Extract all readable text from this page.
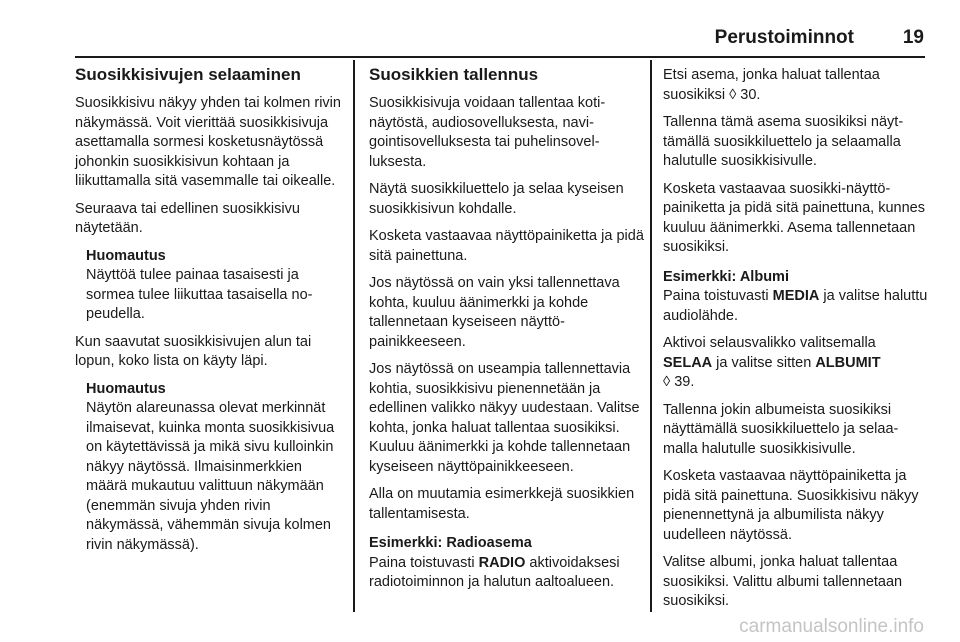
Perustoiminnot	19
Suosikkisivujen selaaminen

Suosikkisivu näkyy yhden tai kolmen rivin näkymässä. Voit vierittää suosikkisivuja asettamalla sormesi kosketusnäytössä johonkin suosikkisivun kohtaan ja liikuttamalla sitä vasemmalle tai oikealle.

Seuraava tai edellinen suosikkisivu näytetään.

Huomautus
Näyttöä tulee painaa tasaisesti ja sormea tulee liikuttaa tasaisella nopeudella.

Kun saavutat suosikkisivujen alun tai lopun, koko lista on käyty läpi.

Huomautus
Näytön alareunassa olevat merkinnät ilmaisevat, kuinka monta suosikkisivua on käytettävissä ja mikä sivu kulloinkin näkyy näytössä. Ilmaisinmerkkien määrä mukautuu valittuun näkymään (enemmän sivuja yhden rivin näkymässä, vähemmän sivuja kolmen rivin näkymässä).
Suosikkien tallennus

Suosikkisivuja voidaan tallentaa kotinäytöstä, audiosovelluksesta, navigointisovelluksesta tai puhelinsovelluksesta.

Näytä suosikkiluettelo ja selaa kyseisen suosikkisivun kohdalle.

Kosketa vastaavaa näyttöpainiketta ja pidä sitä painettuna.

Jos näytössä on vain yksi tallennettava kohta, kuuluu äänimerkki ja kohde tallennetaan kyseiseen näyttöpainikkeeseen.

Jos näytössä on useampia tallennettavia kohtia, suosikkisivu pienennetään ja edellinen valikko näkyy uudestaan. Valitse kohta, jonka haluat tallentaa suosikiksi. Kuuluu äänimerkki ja kohde tallennetaan kyseiseen näyttöpainikkeeseen.

Alla on muutamia esimerkkejä suosikkien tallentamisesta.

Esimerkki: Radioasema

Paina toistuvasti RADIO aktivoidaksesi radiotoiminnon ja halutun aaltoalueen.

Etsi asema, jonka haluat tallentaa suosikiksi ◊ 30.

Tallenna tämä asema suosikiksi näyttämällä suosikkiluettelo ja selaamalla halutulle suosikkisivulle.

Kosketa vastaavaa suosikki-näyttöpainiketta ja pidä sitä painettuna, kunnes kuuluu äänimerkki. Asema tallennetaan suosikiksi.

Esimerkki: Albumi

Paina toistuvasti MEDIA ja valitse haluttu audiolähde.

Aktivoi selausvalikko valitsemalla SELAA ja valitse sitten ALBUMIT
◊ 39.

Tallenna jokin albumeista suosikiksi näyttämällä suosikkiluettelo ja selaamalla halutulle suosikkisivulle.

Kosketa vastaavaa näyttöpainiketta ja pidä sitä painettuna. Suosikkisivu näkyy pienennettynä ja albumilista näkyy uudelleen näytössä.

Valitse albumi, jonka haluat tallentaa suosikiksi. Valittu albumi tallennetaan suosikiksi.

carmanualsonline.info
